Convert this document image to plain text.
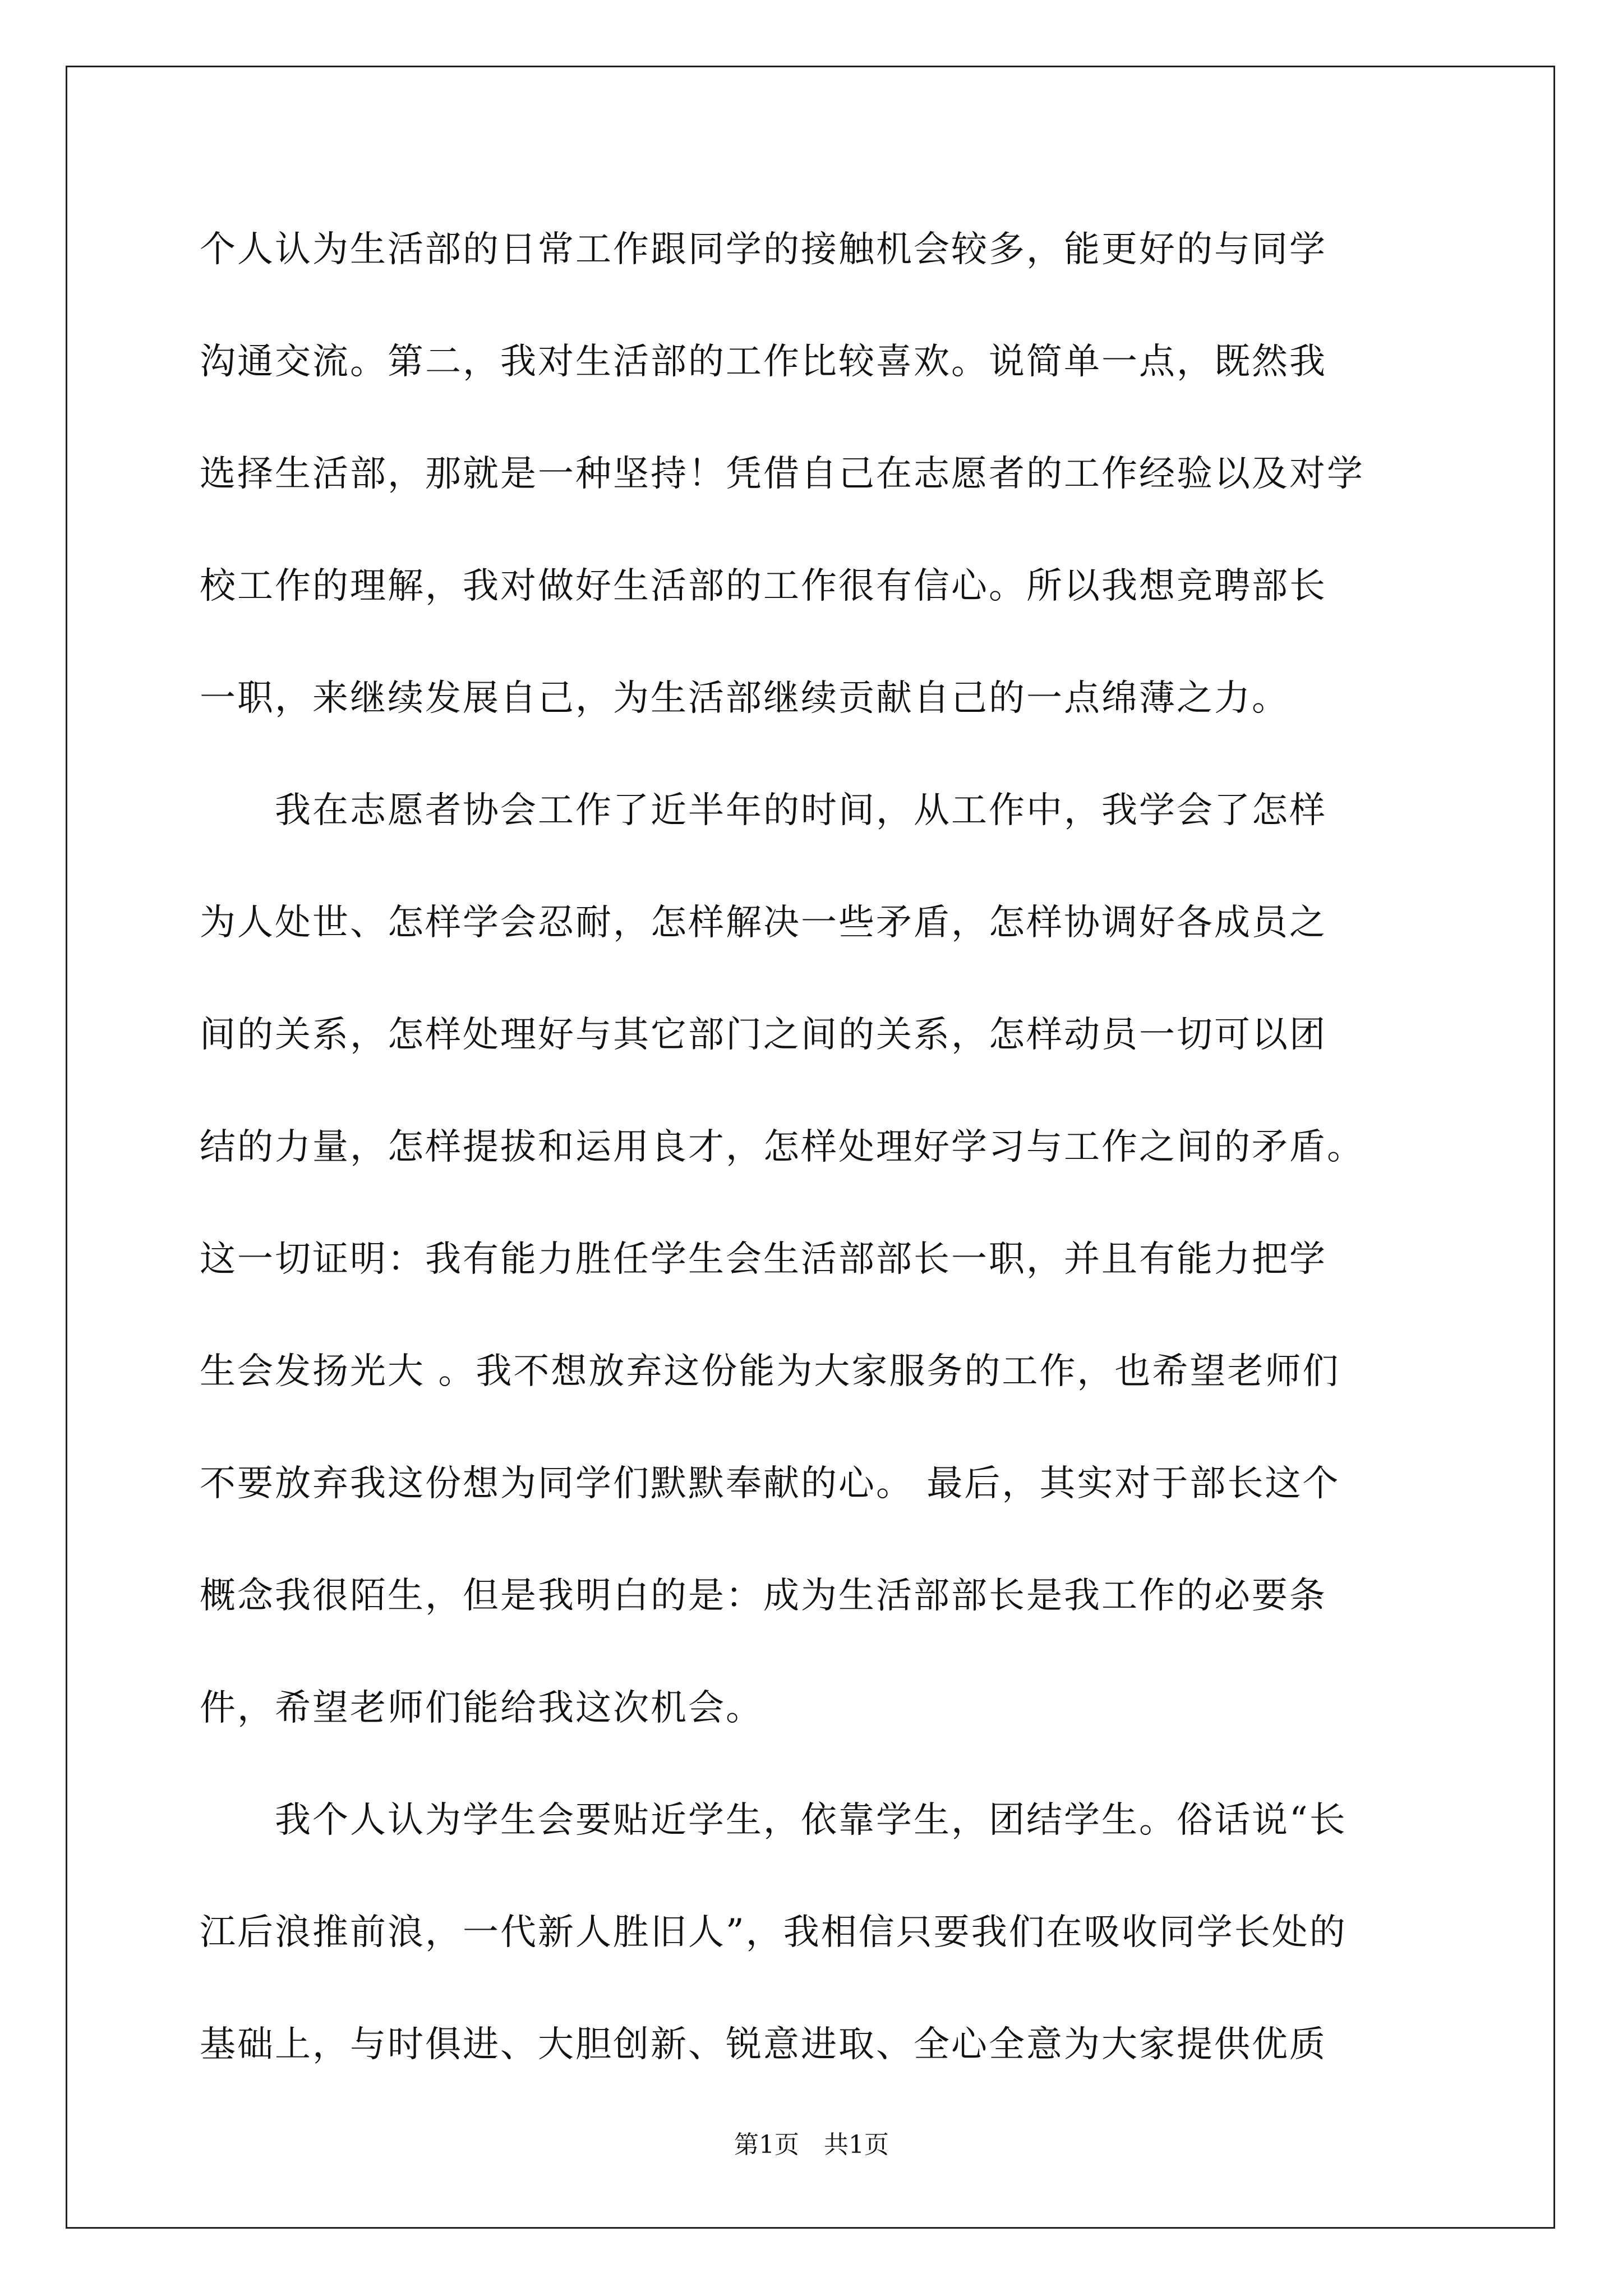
个人认为生活部的日常工作跟同学的接触机会较多，能更好的与同学
沟通交流。第二，我对生活部的工作比较喜欢。说简单一点，既然我
选择生活部，那就是一种坚持！凭借自己在志愿者的工作经验以及对学
校工作的理解，我对做好生活部的工作很有信心。所以我想竞聘部长
一职，来继续发展自己，为生活部继续贡献自己的一点绵薄之力。
　　我在志愿者协会工作了近半年的时间，从工作中，我学会了怎样
为人处世、怎样学会忍耐，怎样解决一些矛盾，怎样协调好各成员之
间的关系，怎样处理好与其它部门之间的关系，怎样动员一切可以团
结的力量，怎样提拔和运用良才，怎样处理好学习与工作之间的矛盾。
这一切证明：我有能力胜任学生会生活部部长一职，并且有能力把学
生会发扬光大 。我不想放弃这份能为大家服务的工作，也希望老师们
不要放弃我这份想为同学们默默奉献的心。 最后，其实对于部长这个
概念我很陌生，但是我明白的是：成为生活部部长是我工作的必要条
件，希望老师们能给我这次机会。
　　我个人认为学生会要贴近学生，依靠学生，团结学生。俗话说“长
江后浪推前浪，一代新人胜旧人”，我相信只要我们在吸收同学长处的
基础上，与时俱进、大胆创新、锐意进取、全心全意为大家提供优质
第1页　共1页
